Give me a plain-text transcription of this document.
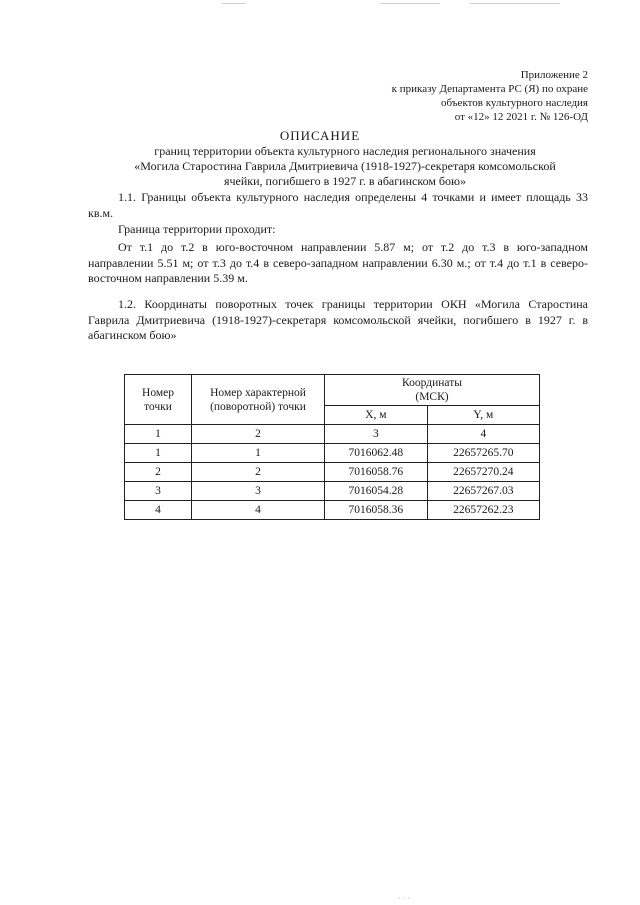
Приложение 2
к приказу Департамента РС (Я) по охране
объектов культурного наследия
от «12» 12 2021 г. № 126-ОД
ОПИСАНИЕ
границ территории объекта культурного наследия регионального значения
«Могила Старостина Гаврила Дмитриевича (1918-1927)-секретаря комсомольской
ячейки, погибшего в 1927 г. в абагинском бою»
1.1. Границы объекта культурного наследия определены 4 точками и имеет площадь 33 кв.м.
Граница территории проходит:
От т.1 до т.2 в юго-восточном направлении 5.87 м; от т.2 до т.3 в юго-западном направлении 5.51 м; от т.3 до т.4 в северо-западном направлении 6.30 м.; от т.4 до т.1 в северо-восточном направлении 5.39 м.
1.2. Координаты поворотных точек границы территории ОКН «Могила Старостина Гаврила Дмитриевича (1918-1927)-секретаря комсомольской ячейки, погибшего в 1927 г. в абагинском бою»
Номер точки	Номер характерной (поворотной) точки	Координаты
(МСК)	

		X, м	Y, м
1	2	3	4
1	1	7016062.48	22657265.70
2	2	7016058.76	22657270.24
3	3	7016054.28	22657267.03
4	4	7016058.36	22657262.23
· · ·
